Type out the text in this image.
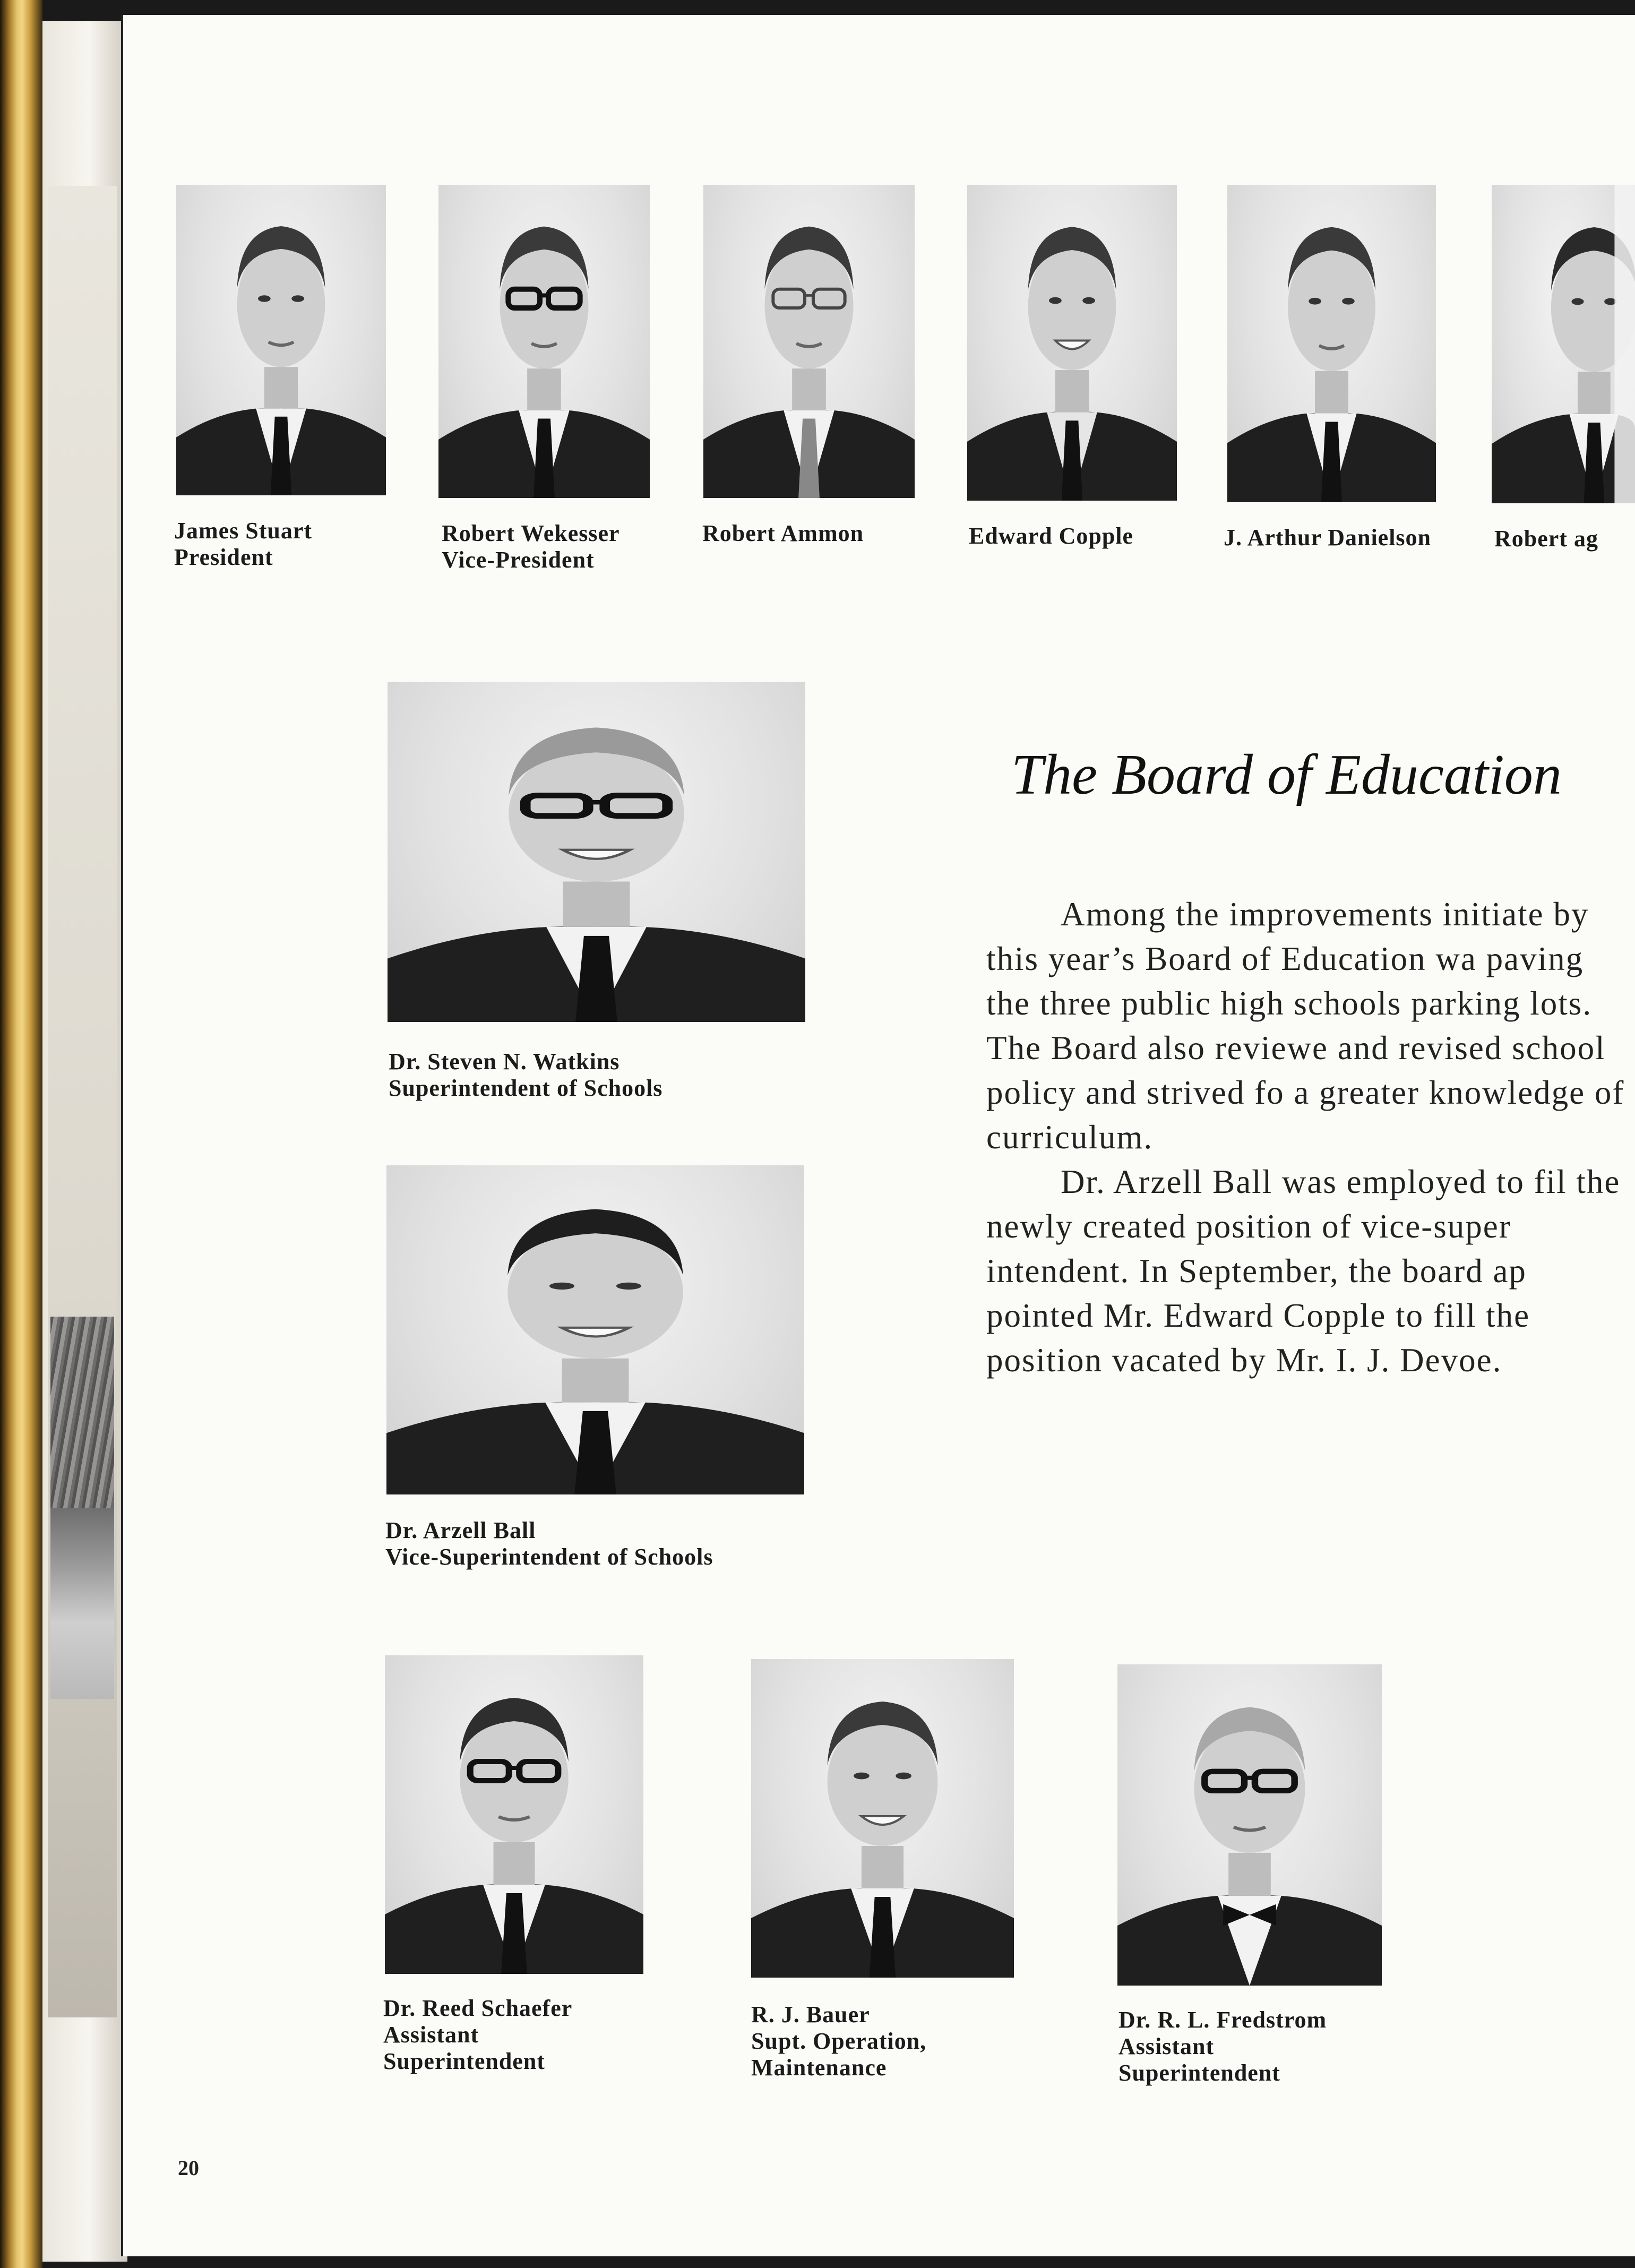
James Stuart
President
Robert Wekesser
Vice-President
Robert Ammon	Edward Copple	J. Arthur Danielson	Robert ag
Dr. Steven N. Watkins
Superintendent of Schools
Dr. Arzell Ball
Vice-Superintendent of Schools
The Board of Education

Among the improvements initiate by this year’s Board of Education wa paving the three public high schools parking lots. The Board also reviewe and revised school policy and strived fo a greater knowledge of curriculum.

Dr. Arzell Ball was employed to fil the newly created position of vice-super intendent. In September, the board ap pointed Mr. Edward Copple to fill the position vacated by Mr. I. J. Devoe.

Dr. Reed Schaefer
Assistant
Superintendent
R. J. Bauer
Supt. Operation,
Maintenance
Dr. R. L. Fredstrom
Assistant
Superintendent
20
